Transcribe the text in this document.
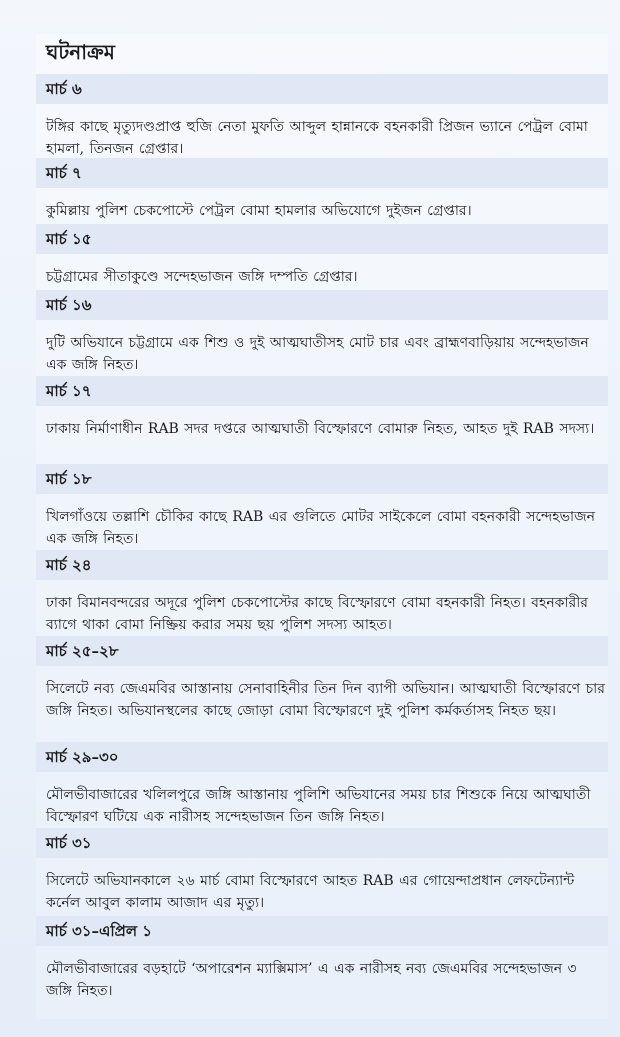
ঘটনাক্রম
মার্চ ৬

টঙ্গির কাছে মৃত্যুদণ্ডপ্রাপ্ত হুজি নেতা মুফতি আব্দুল হান্নানকে বহনকারী প্রিজন ভ্যানে পেট্রল বোমা হামলা, তিনজন গ্রেপ্তার।

মার্চ ৭

কুমিল্লায় পুলিশ চেকপোস্টে পেট্রল বোমা হামলার অভিযোগে দুইজন গ্রেপ্তার।

মার্চ ১৫

চট্টগ্রামের সীতাকুণ্ডে সন্দেহভাজন জঙ্গি দম্পতি গ্রেপ্তার।

মার্চ ১৬

দুটি অভিযানে চট্টগ্রামে এক শিশু ও দুই আত্মঘাতীসহ মোট চার এবং ব্রাহ্মণবাড়িয়ায় সন্দেহভাজন এক জঙ্গি নিহত।

মার্চ ১৭

ঢাকায় নির্মাণাধীন RAB সদর দপ্তরে আত্মঘাতী বিস্ফোরণে বোমারু নিহত, আহত দুই RAB সদস্য।

মার্চ ১৮

খিলগাঁওয়ে তল্লাশি চৌকির কাছে RAB এর গুলিতে মোটর সাইকেলে বোমা বহনকারী সন্দেহভাজন এক জঙ্গি নিহত।

মার্চ ২৪

ঢাকা বিমানবন্দরের অদূরে পুলিশ চেকপোস্টের কাছে বিস্ফোরণে বোমা বহনকারী নিহত। বহনকারীর ব্যাগে থাকা বোমা নিষ্ক্রিয় করার সময় ছয় পুলিশ সদস্য আহত।

মার্চ ২৫–২৮

সিলেটে নব্য জেএমবির আস্তানায় সেনাবাহিনীর তিন দিন ব্যাপী অভিযান। আত্মঘাতী বিস্ফোরণে চার জঙ্গি নিহত। অভিযানস্থলের কাছে জোড়া বোমা বিস্ফোরণে দুই পুলিশ কর্মকর্তাসহ নিহত ছয়।

মার্চ ২৯–৩০

মৌলভীবাজারের খলিলপুরে জঙ্গি আস্তানায় পুলিশি অভিযানের সময় চার শিশুকে নিয়ে আত্মঘাতী বিস্ফোরণ ঘটিয়ে এক নারীসহ সন্দেহভাজন তিন জঙ্গি নিহত।

মার্চ ৩১

সিলেটে অভিযানকালে ২৬ মার্চ বোমা বিস্ফোরণে আহত RAB এর গোয়েন্দাপ্রধান লেফটেন্যান্ট কর্নেল আবুল কালাম আজাদ এর মৃত্যু।

মার্চ ৩১–এপ্রিল ১

মৌলভীবাজারের বড়হাটে ‘অপারেশন ম্যাক্সিমাস’ এ এক নারীসহ নব্য জেএমবির সন্দেহভাজন ৩ জঙ্গি নিহত।
